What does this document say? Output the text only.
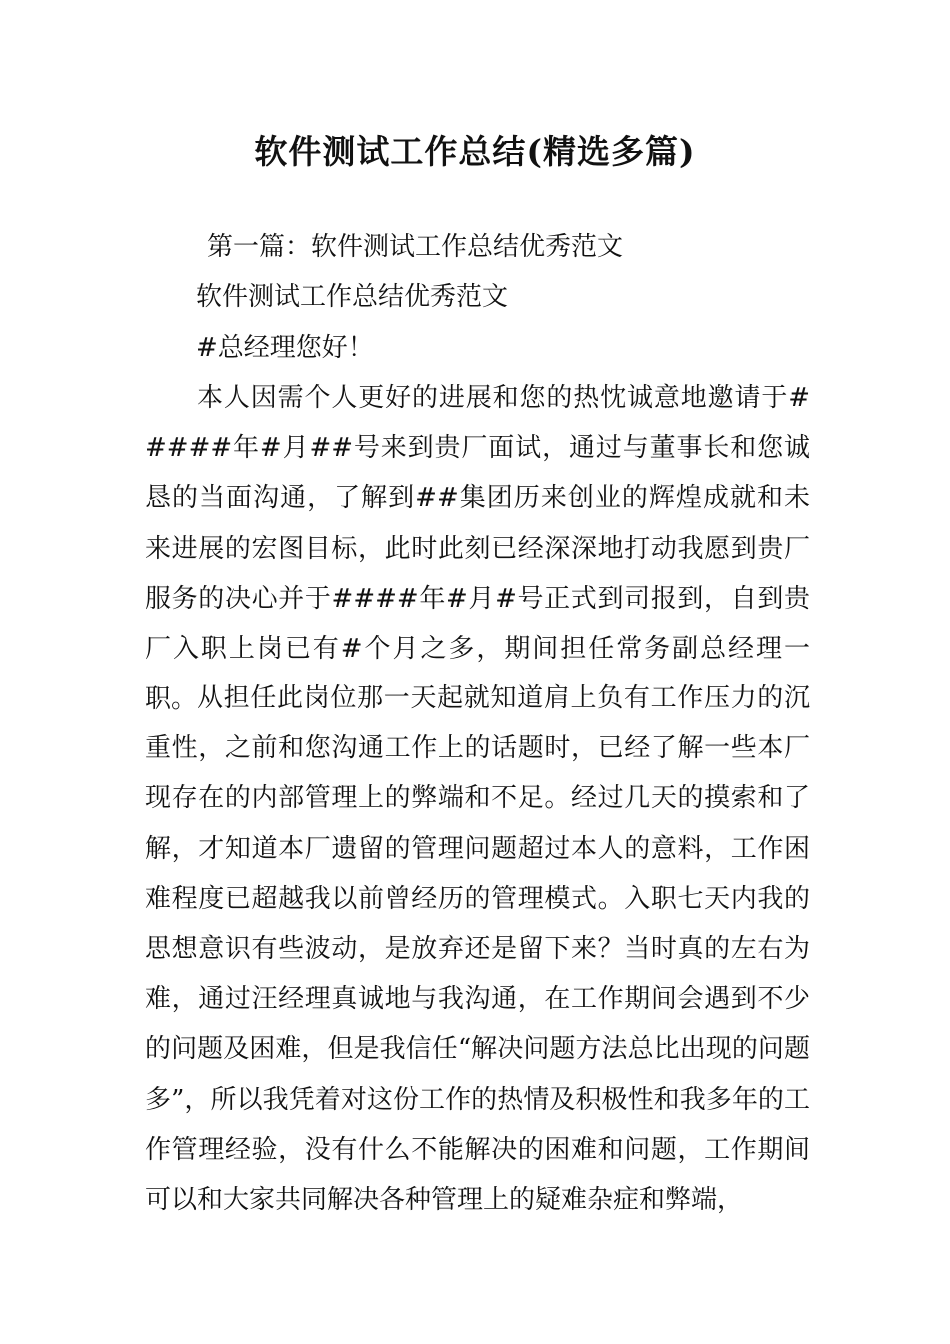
软件测试工作总结(精选多篇)
第一篇：软件测试工作总结优秀范文
软件测试工作总结优秀范文
#总经理您好！
本人因需个人更好的进展和您的热忱诚意地邀请于#####年#月##号来到贵厂面试，通过与董事长和您诚恳的当面沟通，了解到##集团历来创业的辉煌成就和未来进展的宏图目标，此时此刻已经深深地打动我愿到贵厂服务的决心并于####年#月#号正式到司报到，自到贵厂入职上岗已有#个月之多，期间担任常务副总经理一职。 从担任此岗位那一天起就知道肩上负有工作压力的沉重性，之前和您沟通工作上的话题时，已经了解一些本厂现存在的内部管理上的弊端和不足。经过几天的摸索和了解，才知道本厂遗留的管理问题超过本人的意料，工作困难程度已超越我以前曾经历的管理模式。入职七天内我的思想意识有些波动，是放弃还是留下来？当时真的左右为难，通过汪经理真诚地与我沟通，在工作期间会遇到不少的问题及困难，但是我信任“解决问题方法总比出现的问题多”，所以我凭着对这份工作的热情及积极性和我多年的工作管理经验，没有什么不能解决的困难和问题，工作期间可以和大家共同解决各种管理上的疑难杂症和弊端，
